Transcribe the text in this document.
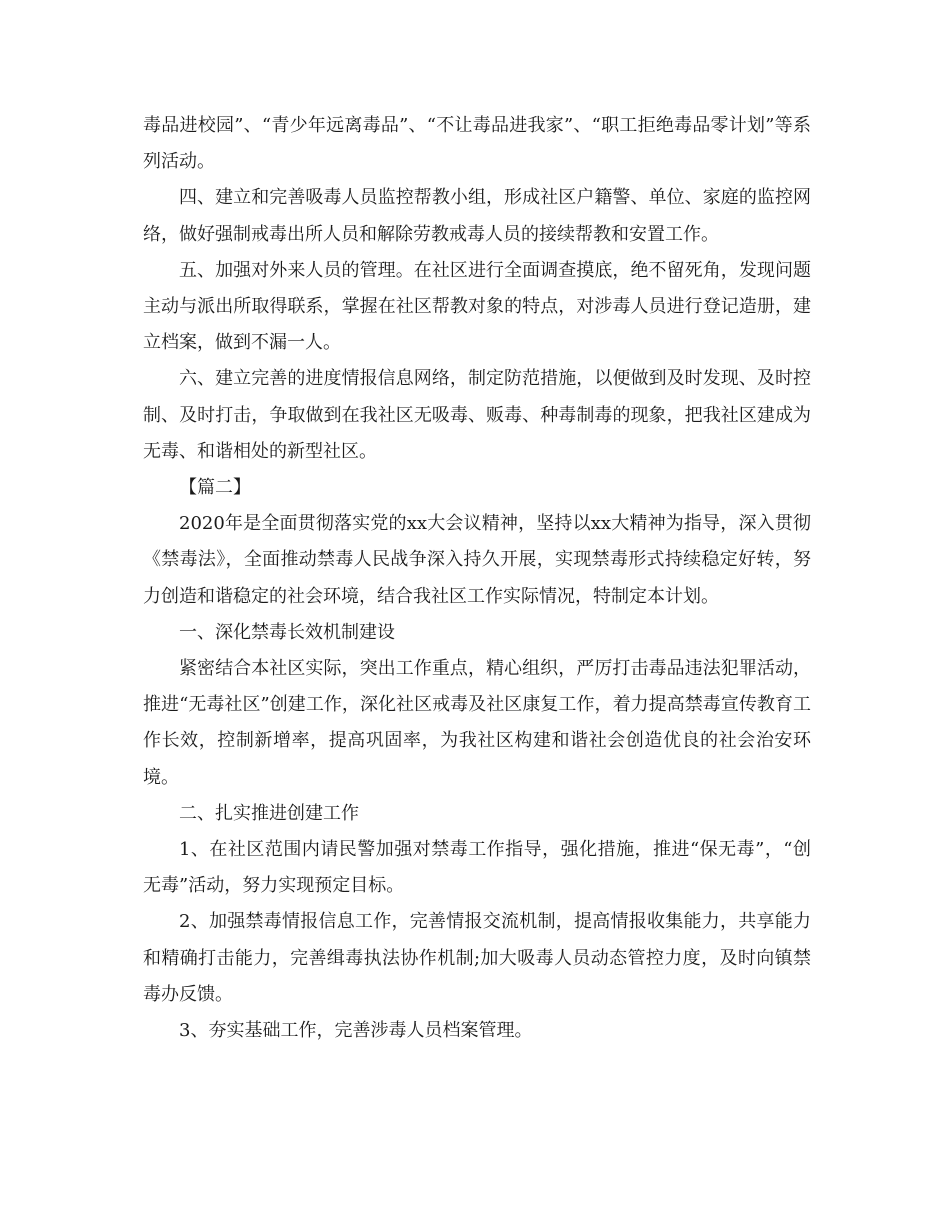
毒品进校园”、“青少年远离毒品”、“不让毒品进我家”、“职工拒绝毒品零计划”等系列活动。

四、建立和完善吸毒人员监控帮教小组，形成社区户籍警、单位、家庭的监控网络，做好强制戒毒出所人员和解除劳教戒毒人员的接续帮教和安置工作。

五、加强对外来人员的管理。在社区进行全面调查摸底，绝不留死角，发现问题主动与派出所取得联系，掌握在社区帮教对象的特点，对涉毒人员进行登记造册，建立档案，做到不漏一人。

六、建立完善的进度情报信息网络，制定防范措施，以便做到及时发现、及时控制、及时打击，争取做到在我社区无吸毒、贩毒、种毒制毒的现象，把我社区建成为无毒、和谐相处的新型社区。

【篇二】

2020年是全面贯彻落实党的xx大会议精神，坚持以xx大精神为指导，深入贯彻《禁毒法》，全面推动禁毒人民战争深入持久开展，实现禁毒形式持续稳定好转，努力创造和谐稳定的社会环境，结合我社区工作实际情况，特制定本计划。

一、深化禁毒长效机制建设

紧密结合本社区实际，突出工作重点，精心组织，严厉打击毒品违法犯罪活动，推进“无毒社区”创建工作，深化社区戒毒及社区康复工作，着力提高禁毒宣传教育工作长效，控制新增率，提高巩固率，为我社区构建和谐社会创造优良的社会治安环境。

二、扎实推进创建工作

1、在社区范围内请民警加强对禁毒工作指导，强化措施，推进“保无毒”，“创无毒”活动，努力实现预定目标。

2、加强禁毒情报信息工作，完善情报交流机制，提高情报收集能力，共享能力和精确打击能力，完善缉毒执法协作机制;加大吸毒人员动态管控力度，及时向镇禁毒办反馈。

3、夯实基础工作，完善涉毒人员档案管理。
